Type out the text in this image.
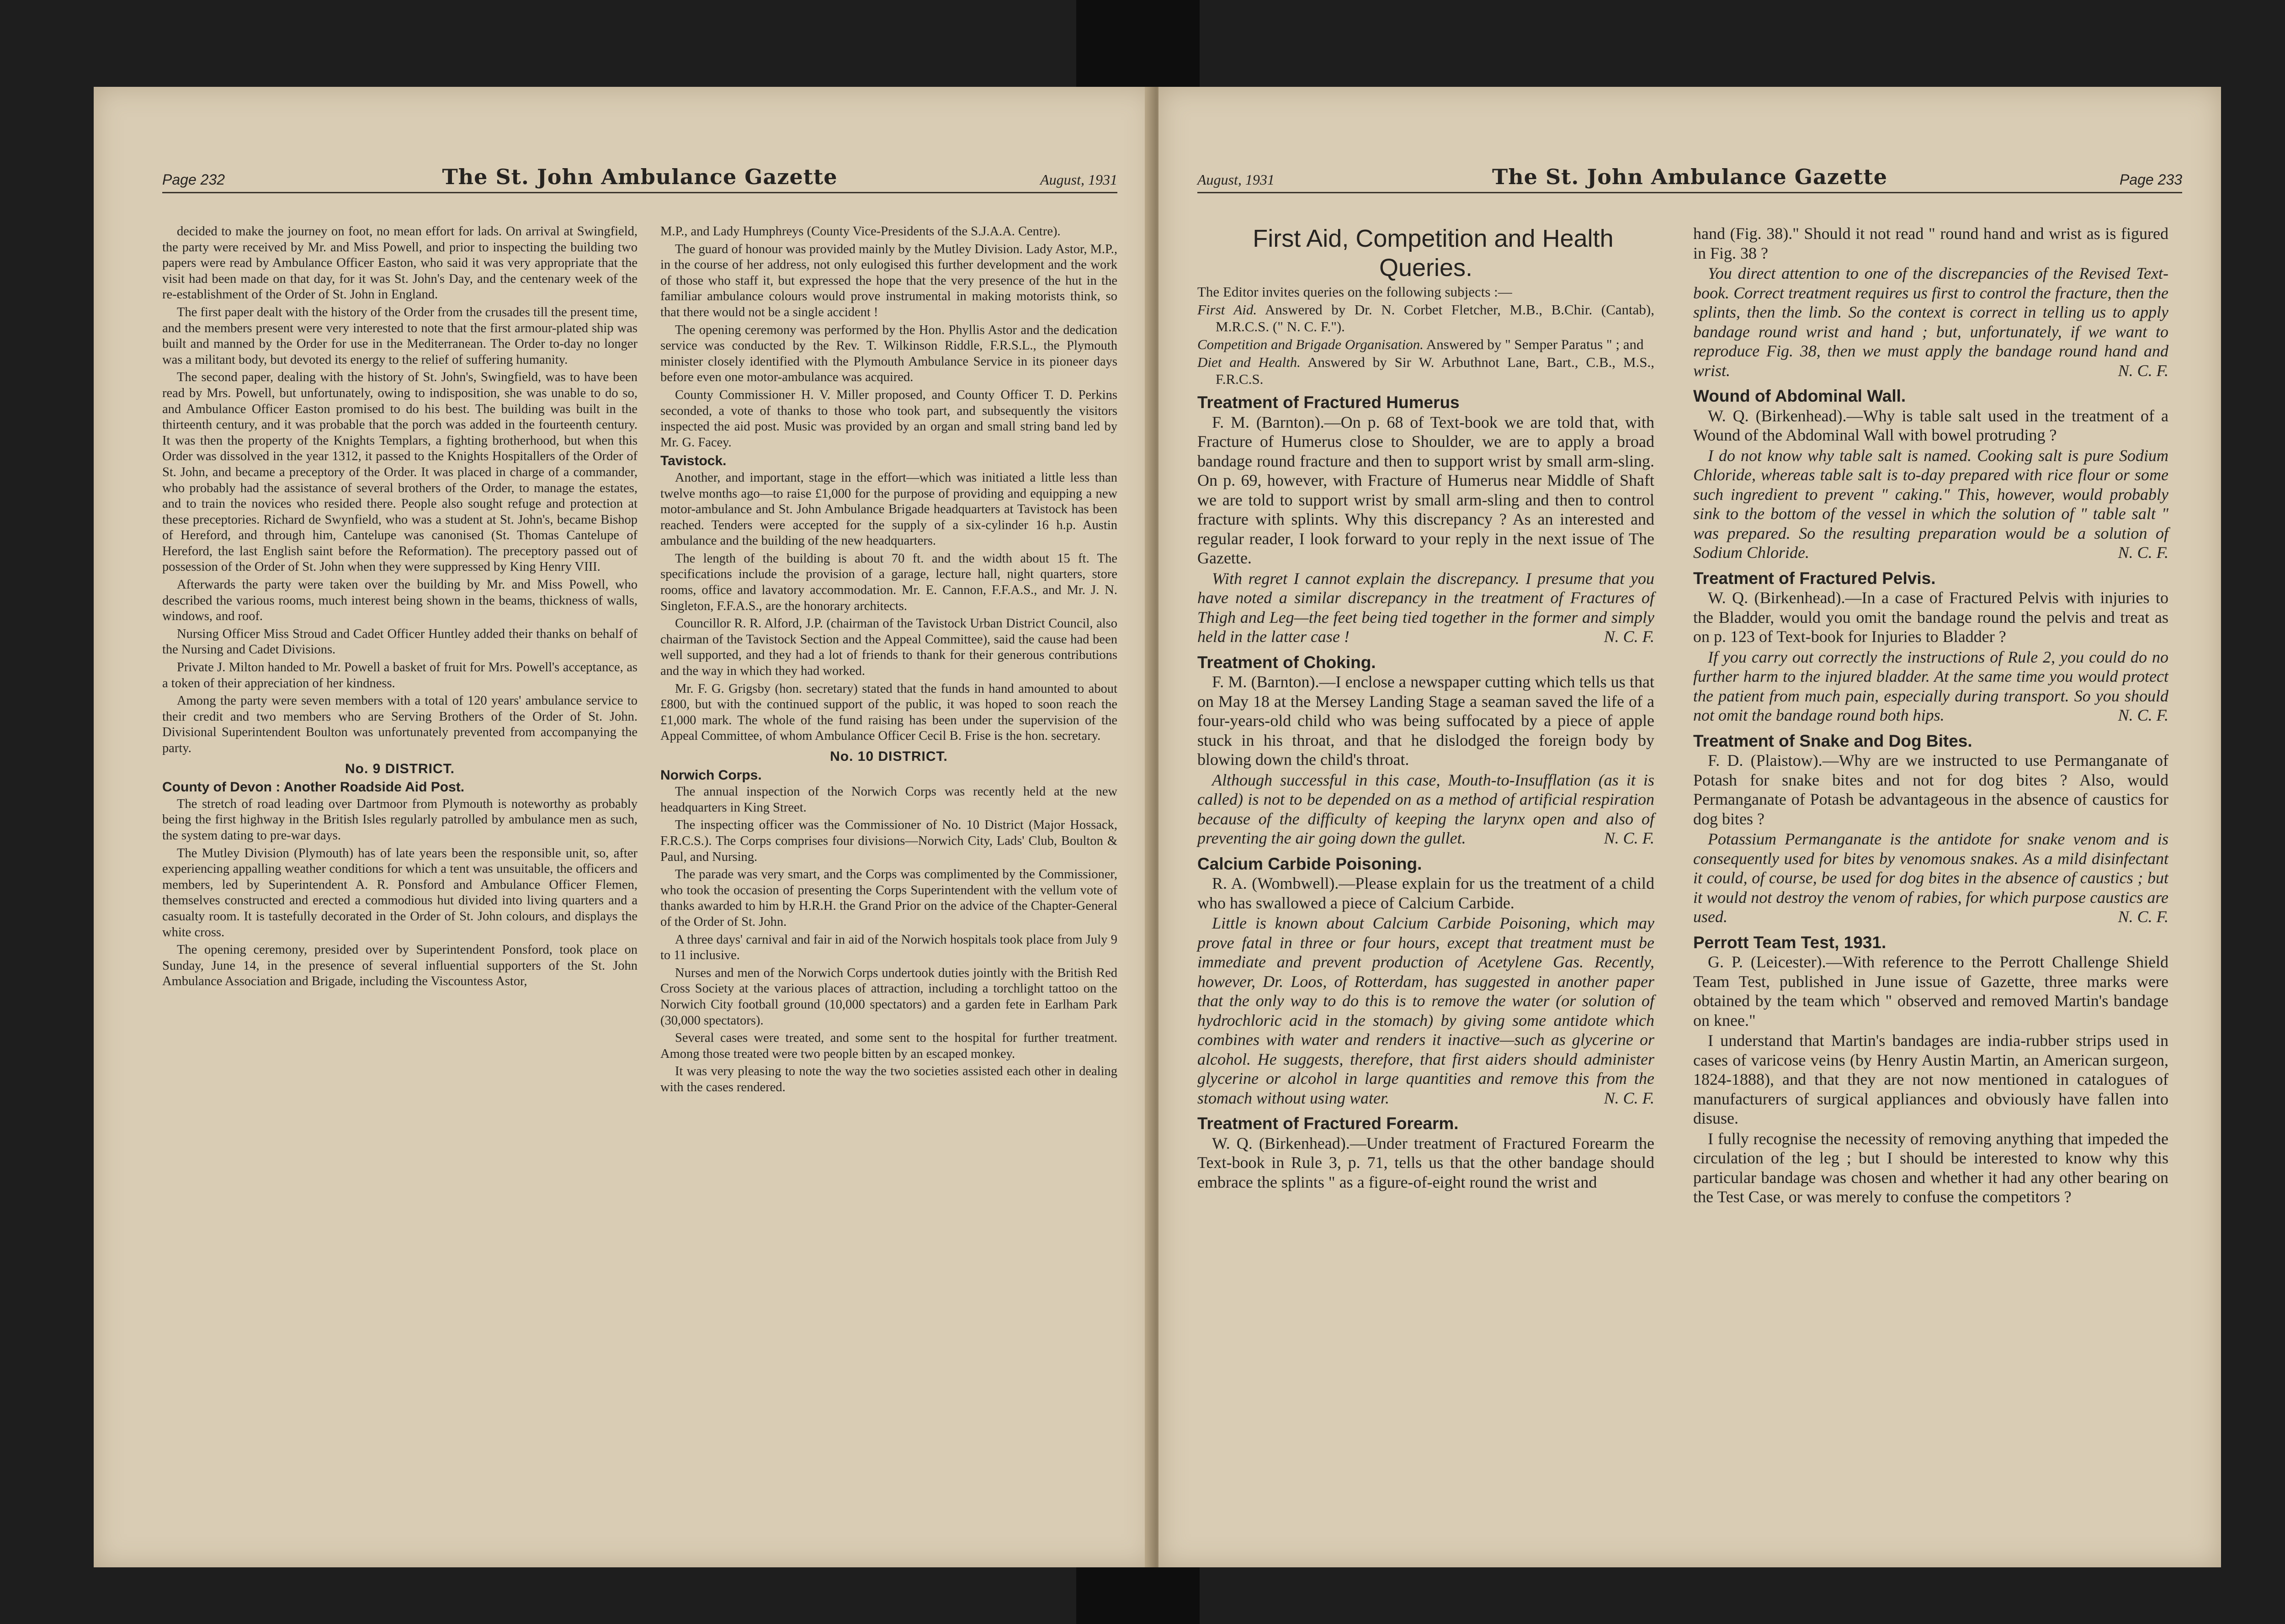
Page 232	The St. John Ambulance Gazette	August, 1931

decided to make the journey on foot, no mean effort for lads. On arrival at Swingfield, the party were received by Mr. and Miss Powell, and prior to inspecting the building two papers were read by Ambulance Officer Easton, who said it was very appropriate that the visit had been made on that day, for it was St. John's Day, and the centenary week of the re-establishment of the Order of St. John in England.

The first paper dealt with the history of the Order from the crusades till the present time, and the members present were very interested to note that the first armour-plated ship was built and manned by the Order for use in the Mediterranean. The Order to-day no longer was a militant body, but devoted its energy to the relief of suffering humanity.

The second paper, dealing with the history of St. John's, Swingfield, was to have been read by Mrs. Powell, but unfortunately, owing to indisposition, she was unable to do so, and Ambulance Officer Easton promised to do his best. The building was built in the thirteenth century, and it was probable that the porch was added in the fourteenth century. It was then the property of the Knights Templars, a fighting brotherhood, but when this Order was dissolved in the year 1312, it passed to the Knights Hospitallers of the Order of St. John, and became a preceptory of the Order. It was placed in charge of a commander, who probably had the assistance of several brothers of the Order, to manage the estates, and to train the novices who resided there. People also sought refuge and protection at these preceptories. Richard de Swynfield, who was a student at St. John's, became Bishop of Hereford, and through him, Cantelupe was canonised (St. Thomas Cantelupe of Hereford, the last English saint before the Reformation). The preceptory passed out of possession of the Order of St. John when they were suppressed by King Henry VIII.

Afterwards the party were taken over the building by Mr. and Miss Powell, who described the various rooms, much interest being shown in the beams, thickness of walls, windows, and roof.

Nursing Officer Miss Stroud and Cadet Officer Huntley added their thanks on behalf of the Nursing and Cadet Divisions.

Private J. Milton handed to Mr. Powell a basket of fruit for Mrs. Powell's acceptance, as a token of their appreciation of her kindness.

Among the party were seven members with a total of 120 years' ambulance service to their credit and two members who are Serving Brothers of the Order of St. John. Divisional Superintendent Boulton was unfortunately prevented from accompanying the party.

No. 9 DISTRICT.

County of Devon : Another Roadside Aid Post.

The stretch of road leading over Dartmoor from Plymouth is noteworthy as probably being the first highway in the British Isles regularly patrolled by ambulance men as such, the system dating to pre-war days.

The Mutley Division (Plymouth) has of late years been the responsible unit, so, after experiencing appalling weather conditions for which a tent was unsuitable, the officers and members, led by Superintendent A. R. Ponsford and Ambulance Officer Flemen, themselves constructed and erected a commodious hut divided into living quarters and a casualty room. It is tastefully decorated in the Order of St. John colours, and displays the white cross.

The opening ceremony, presided over by Superintendent Ponsford, took place on Sunday, June 14, in the presence of several influential supporters of the St. John Ambulance Association and Brigade, including the Viscountess Astor,

M.P., and Lady Humphreys (County Vice-Presidents of the S.J.A.A. Centre).

The guard of honour was provided mainly by the Mutley Division. Lady Astor, M.P., in the course of her address, not only eulogised this further development and the work of those who staff it, but expressed the hope that the very presence of the hut in the familiar ambulance colours would prove instrumental in making motorists think, so that there would not be a single accident !

The opening ceremony was performed by the Hon. Phyllis Astor and the dedication service was conducted by the Rev. T. Wilkinson Riddle, F.R.S.L., the Plymouth minister closely identified with the Plymouth Ambulance Service in its pioneer days before even one motor-ambulance was acquired.

County Commissioner H. V. Miller proposed, and County Officer T. D. Perkins seconded, a vote of thanks to those who took part, and subsequently the visitors inspected the aid post. Music was provided by an organ and small string band led by Mr. G. Facey.

Tavistock.

Another, and important, stage in the effort—which was initiated a little less than twelve months ago—to raise £1,000 for the purpose of providing and equipping a new motor-ambulance and St. John Ambulance Brigade headquarters at Tavistock has been reached. Tenders were accepted for the supply of a six-cylinder 16 h.p. Austin ambulance and the building of the new headquarters.

The length of the building is about 70 ft. and the width about 15 ft. The specifications include the provision of a garage, lecture hall, night quarters, store rooms, office and lavatory accommodation. Mr. E. Cannon, F.F.A.S., and Mr. J. N. Singleton, F.F.A.S., are the honorary architects.

Councillor R. R. Alford, J.P. (chairman of the Tavistock Urban District Council, also chairman of the Tavistock Section and the Appeal Committee), said the cause had been well supported, and they had a lot of friends to thank for their generous contributions and the way in which they had worked.

Mr. F. G. Grigsby (hon. secretary) stated that the funds in hand amounted to about £800, but with the continued support of the public, it was hoped to soon reach the £1,000 mark. The whole of the fund raising has been under the supervision of the Appeal Committee, of whom Ambulance Officer Cecil B. Frise is the hon. secretary.

No. 10 DISTRICT.

Norwich Corps.

The annual inspection of the Norwich Corps was recently held at the new headquarters in King Street.

The inspecting officer was the Commissioner of No. 10 District (Major Hossack, F.R.C.S.). The Corps comprises four divisions—Norwich City, Lads' Club, Boulton & Paul, and Nursing.

The parade was very smart, and the Corps was complimented by the Commissioner, who took the occasion of presenting the Corps Superintendent with the vellum vote of thanks awarded to him by H.R.H. the Grand Prior on the advice of the Chapter-General of the Order of St. John.

A three days' carnival and fair in aid of the Norwich hospitals took place from July 9 to 11 inclusive.

Nurses and men of the Norwich Corps undertook duties jointly with the British Red Cross Society at the various places of attraction, including a torchlight tattoo on the Norwich City football ground (10,000 spectators) and a garden fete in Earlham Park (30,000 spectators).

Several cases were treated, and some sent to the hospital for further treatment. Among those treated were two people bitten by an escaped monkey.

It was very pleasing to note the way the two societies assisted each other in dealing with the cases rendered.

August, 1931	The St. John Ambulance Gazette	Page 233

First Aid, Competition and Health Queries.

The Editor invites queries on the following subjects :—

First Aid. Answered by Dr. N. Corbet Fletcher, M.B., B.Chir. (Cantab), M.R.C.S. (" N. C. F.").

Competition and Brigade Organisation. Answered by " Semper Paratus " ; and

Diet and Health. Answered by Sir W. Arbuthnot Lane, Bart., C.B., M.S., F.R.C.S.

Treatment of Fractured Humerus

F. M. (Barnton).—On p. 68 of Text-book we are told that, with Fracture of Humerus close to Shoulder, we are to apply a broad bandage round fracture and then to support wrist by small arm-sling. On p. 69, however, with Fracture of Humerus near Middle of Shaft we are told to support wrist by small arm-sling and then to control fracture with splints. Why this discrepancy ? As an interested and regular reader, I look forward to your reply in the next issue of The Gazette.

With regret I cannot explain the discrepancy. I presume that you have noted a similar discrepancy in the treatment of Fractures of Thigh and Leg—the feet being tied together in the former and simply held in the latter case !	N. C. F.

Treatment of Choking.

F. M. (Barnton).—I enclose a newspaper cutting which tells us that on May 18 at the Mersey Landing Stage a seaman saved the life of a four-years-old child who was being suffocated by a piece of apple stuck in his throat, and that he dislodged the foreign body by blowing down the child's throat.

Although successful in this case, Mouth-to-Insufflation (as it is called) is not to be depended on as a method of artificial respiration because of the difficulty of keeping the larynx open and also of preventing the air going down the gullet.	N. C. F.

Calcium Carbide Poisoning.

R. A. (Wombwell).—Please explain for us the treatment of a child who has swallowed a piece of Calcium Carbide.

Little is known about Calcium Carbide Poisoning, which may prove fatal in three or four hours, except that treatment must be immediate and prevent production of Acetylene Gas. Recently, however, Dr. Loos, of Rotterdam, has suggested in another paper that the only way to do this is to remove the water (or solution of hydrochloric acid in the stomach) by giving some antidote which combines with water and renders it inactive—such as glycerine or alcohol. He suggests, therefore, that first aiders should administer glycerine or alcohol in large quantities and remove this from the stomach without using water.	N. C. F.

Treatment of Fractured Forearm.

W. Q. (Birkenhead).—Under treatment of Fractured Forearm the Text-book in Rule 3, p. 71, tells us that the other bandage should embrace the splints " as a figure-of-eight round the wrist and

hand (Fig. 38)." Should it not read " round hand and wrist as is figured in Fig. 38 ?

You direct attention to one of the discrepancies of the Revised Text-book. Correct treatment requires us first to control the fracture, then the splints, then the limb. So the context is correct in telling us to apply bandage round wrist and hand ; but, unfortunately, if we want to reproduce Fig. 38, then we must apply the bandage round hand and wrist.	N. C. F.

Wound of Abdominal Wall.

W. Q. (Birkenhead).—Why is table salt used in the treatment of a Wound of the Abdominal Wall with bowel protruding ?

I do not know why table salt is named. Cooking salt is pure Sodium Chloride, whereas table salt is to-day prepared with rice flour or some such ingredient to prevent " caking." This, however, would probably sink to the bottom of the vessel in which the solution of " table salt " was prepared. So the resulting preparation would be a solution of Sodium Chloride.	N. C. F.

Treatment of Fractured Pelvis.

W. Q. (Birkenhead).—In a case of Fractured Pelvis with injuries to the Bladder, would you omit the bandage round the pelvis and treat as on p. 123 of Text-book for Injuries to Bladder ?

If you carry out correctly the instructions of Rule 2, you could do no further harm to the injured bladder. At the same time you would protect the patient from much pain, especially during transport. So you should not omit the bandage round both hips.	N. C. F.

Treatment of Snake and Dog Bites.

F. D. (Plaistow).—Why are we instructed to use Permanganate of Potash for snake bites and not for dog bites ? Also, would Permanganate of Potash be advantageous in the absence of caustics for dog bites ?

Potassium Permanganate is the antidote for snake venom and is consequently used for bites by venomous snakes. As a mild disinfectant it could, of course, be used for dog bites in the absence of caustics ; but it would not destroy the venom of rabies, for which purpose caustics are used.	N. C. F.

Perrott Team Test, 1931.

G. P. (Leicester).—With reference to the Perrott Challenge Shield Team Test, published in June issue of Gazette, three marks were obtained by the team which " observed and removed Martin's bandage on knee."

I understand that Martin's bandages are india-rubber strips used in cases of varicose veins (by Henry Austin Martin, an American surgeon, 1824-1888), and that they are not now mentioned in catalogues of manufacturers of surgical appliances and obviously have fallen into disuse.

I fully recognise the necessity of removing anything that impeded the circulation of the leg ; but I should be interested to know why this particular bandage was chosen and whether it had any other bearing on the Test Case, or was merely to confuse the competitors ?
